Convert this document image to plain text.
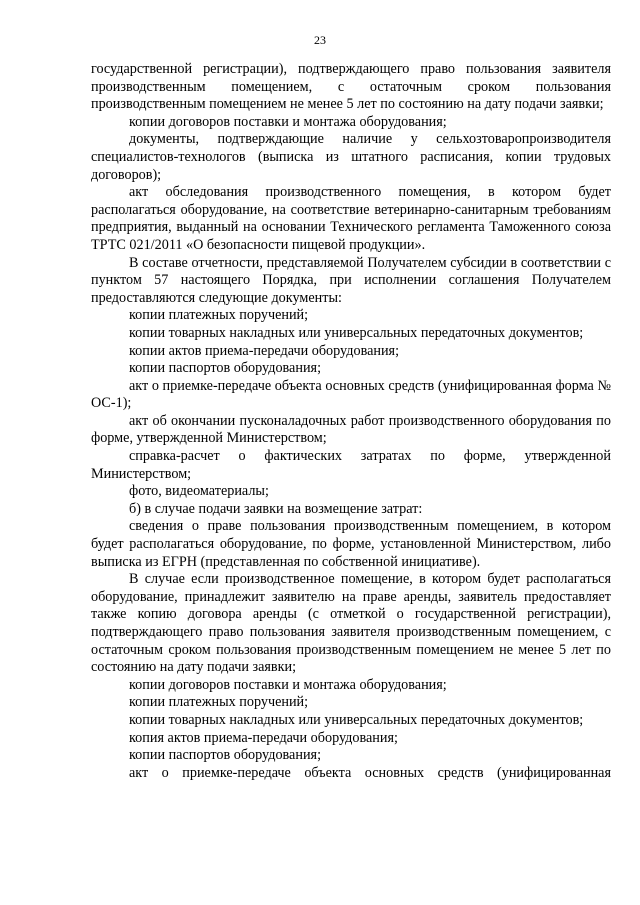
23

государственной регистрации), подтверждающего право пользования заявителя производственным помещением, с остаточным сроком пользования производственным помещением не менее 5 лет по состоянию на дату подачи заявки;

копии договоров поставки и монтажа оборудования;

документы, подтверждающие наличие у сельхозтоваропроизводителя специалистов-технологов (выписка из штатного расписания, копии трудовых договоров);

акт обследования производственного помещения, в котором будет располагаться оборудование, на соответствие ветеринарно-санитарным требованиям предприятия, выданный на основании Технического регламента Таможенного союза ТРТС 021/2011 «О безопасности пищевой продукции».

В составе отчетности, представляемой Получателем субсидии в соответствии с пунктом 57 настоящего Порядка, при исполнении соглашения Получателем предоставляются следующие документы:

копии платежных поручений;

копии товарных накладных или универсальных передаточных документов;

копии актов приема-передачи оборудования;

копии паспортов оборудования;

акт о приемке-передаче объекта основных средств (унифицированная форма № ОС-1);

акт об окончании пусконаладочных работ производственного оборудования по форме, утвержденной Министерством;

справка-расчет о фактических затратах по форме, утвержденной Министерством;

фото, видеоматериалы;

б) в случае подачи заявки на возмещение затрат:

сведения о праве пользования производственным помещением, в котором будет располагаться оборудование, по форме, установленной Министерством, либо выписка из ЕГРН (представленная по собственной инициативе).

В случае если производственное помещение, в котором будет располагаться оборудование, принадлежит заявителю на праве аренды, заявитель предоставляет также копию договора аренды (с отметкой о государственной регистрации), подтверждающего право пользования заявителя производственным помещением, с остаточным сроком пользования производственным помещением не менее 5 лет по состоянию на дату подачи заявки;

копии договоров поставки и монтажа оборудования;

копии платежных поручений;

копии товарных накладных или универсальных передаточных документов;

копия актов приема-передачи оборудования;

копии паспортов оборудования;

акт о приемке-передаче объекта основных средств (унифицированная
